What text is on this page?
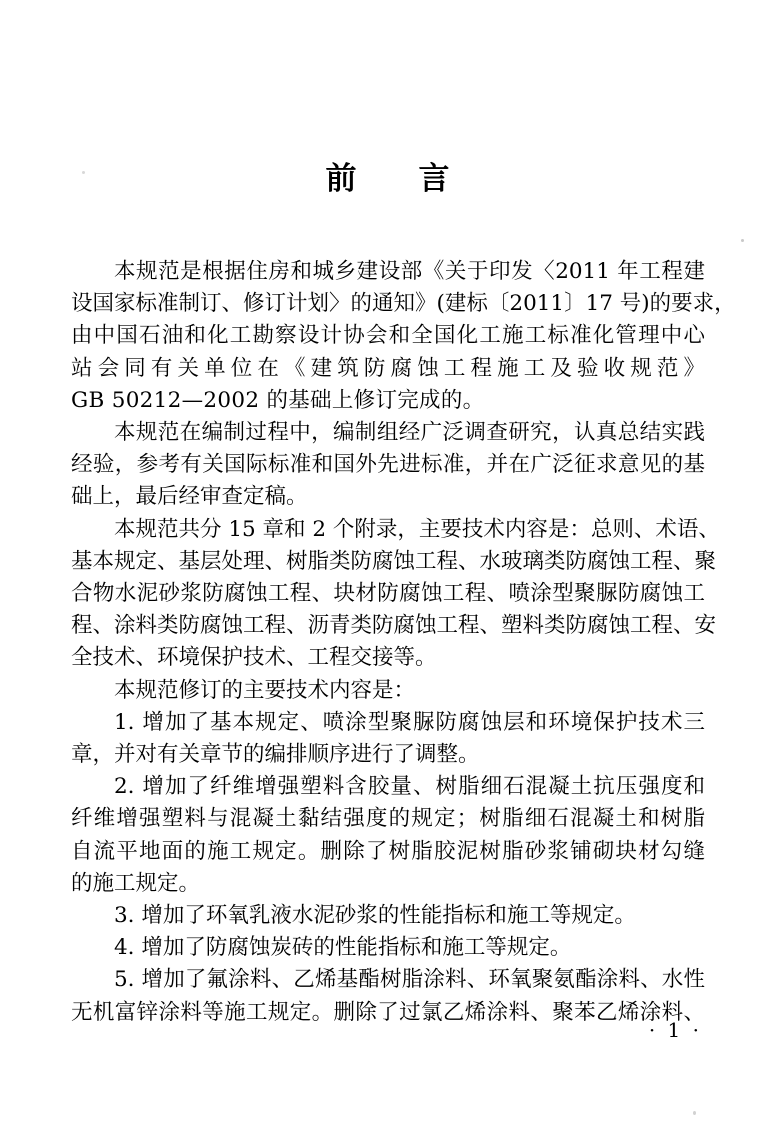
前　　言

本规范是根据住房和城乡建设部《关于印发〈2011 年工程建
设国家标准制订、修订计划〉的通知》(建标〔2011〕17 号)的要求，
由中国石油和化工勘察设计协会和全国化工施工标准化管理中心
站会同有关单位在《建筑防腐蚀工程施工及验收规范》
GB 50212—2002 的基础上修订完成的。

本规范在编制过程中，编制组经广泛调查研究，认真总结实践
经验，参考有关国际标准和国外先进标准，并在广泛征求意见的基
础上，最后经审查定稿。

本规范共分 15 章和 2 个附录，主要技术内容是：总则、术语、
基本规定、基层处理、树脂类防腐蚀工程、水玻璃类防腐蚀工程、聚
合物水泥砂浆防腐蚀工程、块材防腐蚀工程、喷涂型聚脲防腐蚀工
程、涂料类防腐蚀工程、沥青类防腐蚀工程、塑料类防腐蚀工程、安
全技术、环境保护技术、工程交接等。

本规范修订的主要技术内容是：

1. 增加了基本规定、喷涂型聚脲防腐蚀层和环境保护技术三
章，并对有关章节的编排顺序进行了调整。

2. 增加了纤维增强塑料含胶量、树脂细石混凝土抗压强度和
纤维增强塑料与混凝土黏结强度的规定；树脂细石混凝土和树脂
自流平地面的施工规定。删除了树脂胶泥树脂砂浆铺砌块材勾缝
的施工规定。

3. 增加了环氧乳液水泥砂浆的性能指标和施工等规定。

4. 增加了防腐蚀炭砖的性能指标和施工等规定。

5. 增加了氟涂料、乙烯基酯树脂涂料、环氧聚氨酯涂料、水性
无机富锌涂料等施工规定。删除了过氯乙烯涂料、聚苯乙烯涂料、

· 1 ·
